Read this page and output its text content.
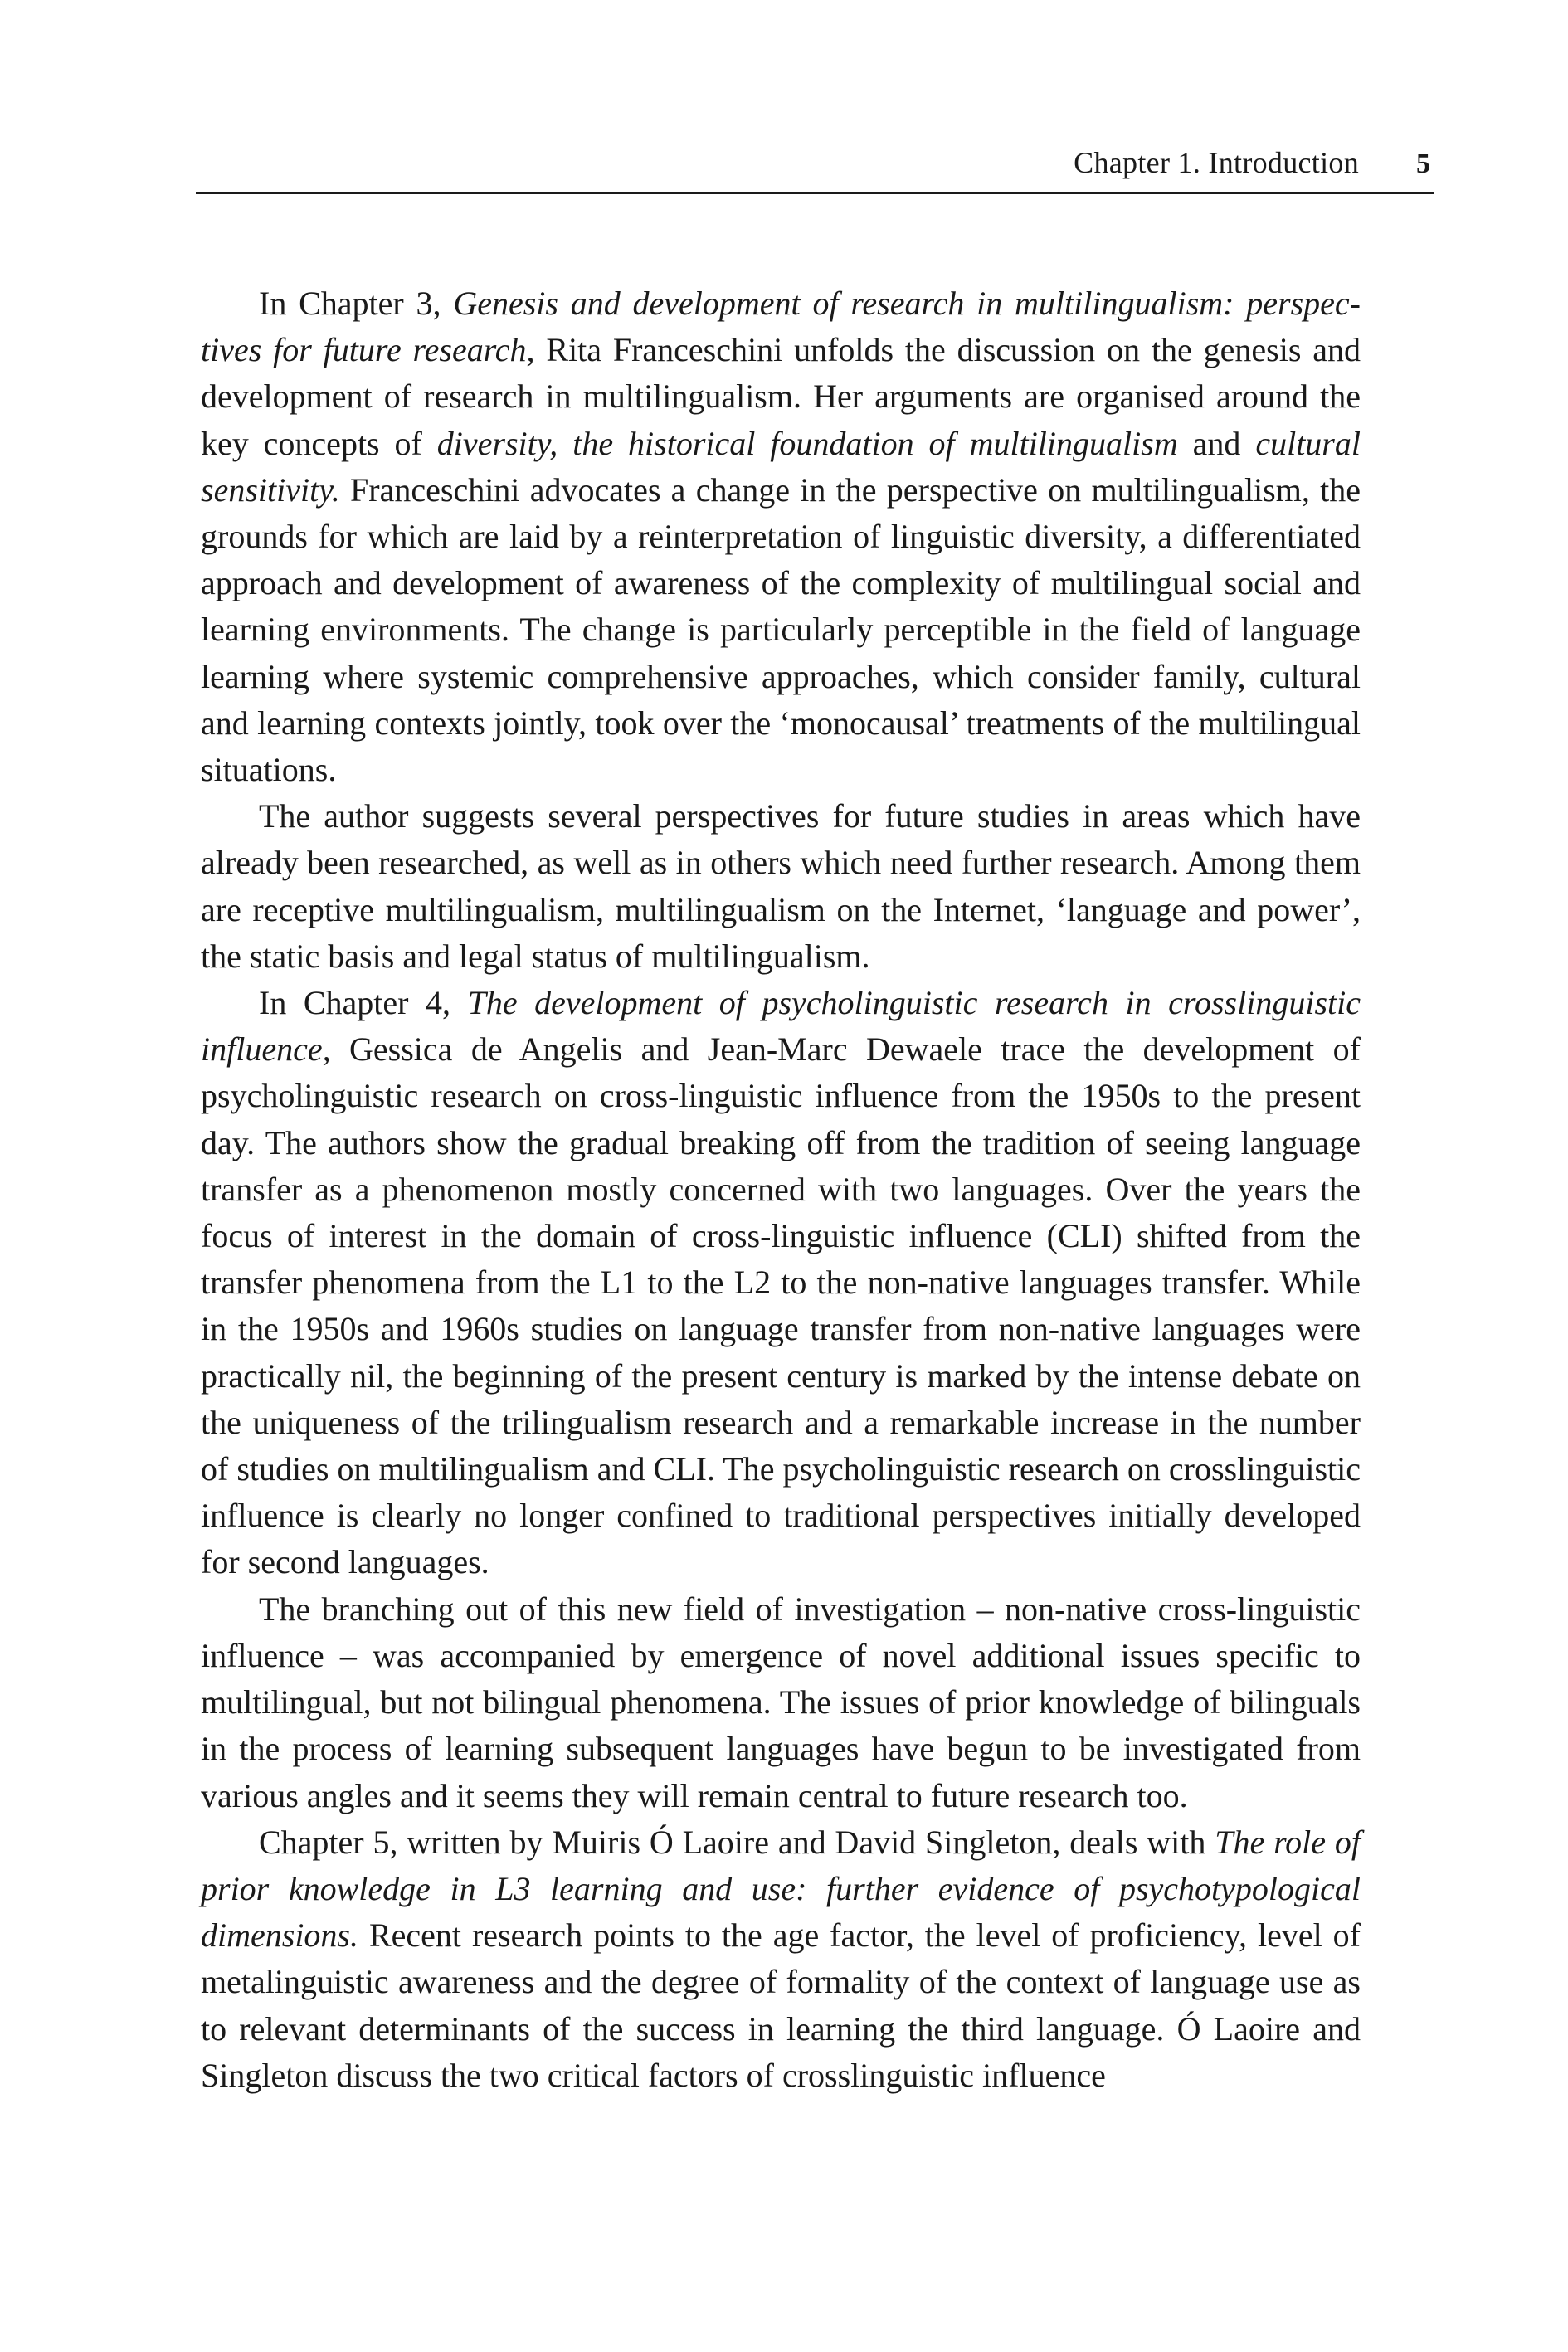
Chapter 1. Introduction 5

In Chapter 3, Genesis and development of research in multilingualism: perspectives for future research, Rita Franceschini unfolds the discussion on the genesis and development of research in multilingualism. Her arguments are organised around the key concepts of diversity, the historical foundation of multilingualism and cultural sensitivity. Franceschini advocates a change in the perspective on multilingualism, the grounds for which are laid by a reinterpretation of linguistic diversity, a differentiated approach and development of awareness of the complexity of multilingual social and learning environments. The change is particularly perceptible in the field of language learning where systemic comprehensive approaches, which consider family, cultural and learning contexts jointly, took over the ‘monocausal’ treatments of the multilingual situations.

The author suggests several perspectives for future studies in areas which have already been researched, as well as in others which need further research. Among them are receptive multilingualism, multilingualism on the Internet, ‘language and power’, the static basis and legal status of multilingualism.

In Chapter 4, The development of psycholinguistic research in crosslinguistic influence, Gessica de Angelis and Jean-Marc Dewaele trace the development of psycholinguistic research on cross-linguistic influence from the 1950s to the present day. The authors show the gradual breaking off from the tradition of seeing language transfer as a phenomenon mostly concerned with two languages. Over the years the focus of interest in the domain of cross-linguistic influence (CLI) shifted from the transfer phenomena from the L1 to the L2 to the non-native languages transfer. While in the 1950s and 1960s studies on language transfer from non-native languages were practically nil, the beginning of the present century is marked by the intense debate on the uniqueness of the trilingualism research and a remarkable increase in the number of studies on multilingualism and CLI. The psycholinguistic research on crosslinguistic influence is clearly no longer confined to traditional perspectives initially developed for second languages.

The branching out of this new field of investigation – non-native cross-linguistic influence – was accompanied by emergence of novel additional issues specific to multilingual, but not bilingual phenomena. The issues of prior knowledge of bilinguals in the process of learning subsequent languages have begun to be investigated from various angles and it seems they will remain central to future research too.

Chapter 5, written by Muiris Ó Laoire and David Singleton, deals with The role of prior knowledge in L3 learning and use: further evidence of psychotypological dimensions. Recent research points to the age factor, the level of proficiency, level of metalinguistic awareness and the degree of formality of the context of language use as to relevant determinants of the success in learning the third language. Ó Laoire and Singleton discuss the two critical factors of crosslinguistic influence
